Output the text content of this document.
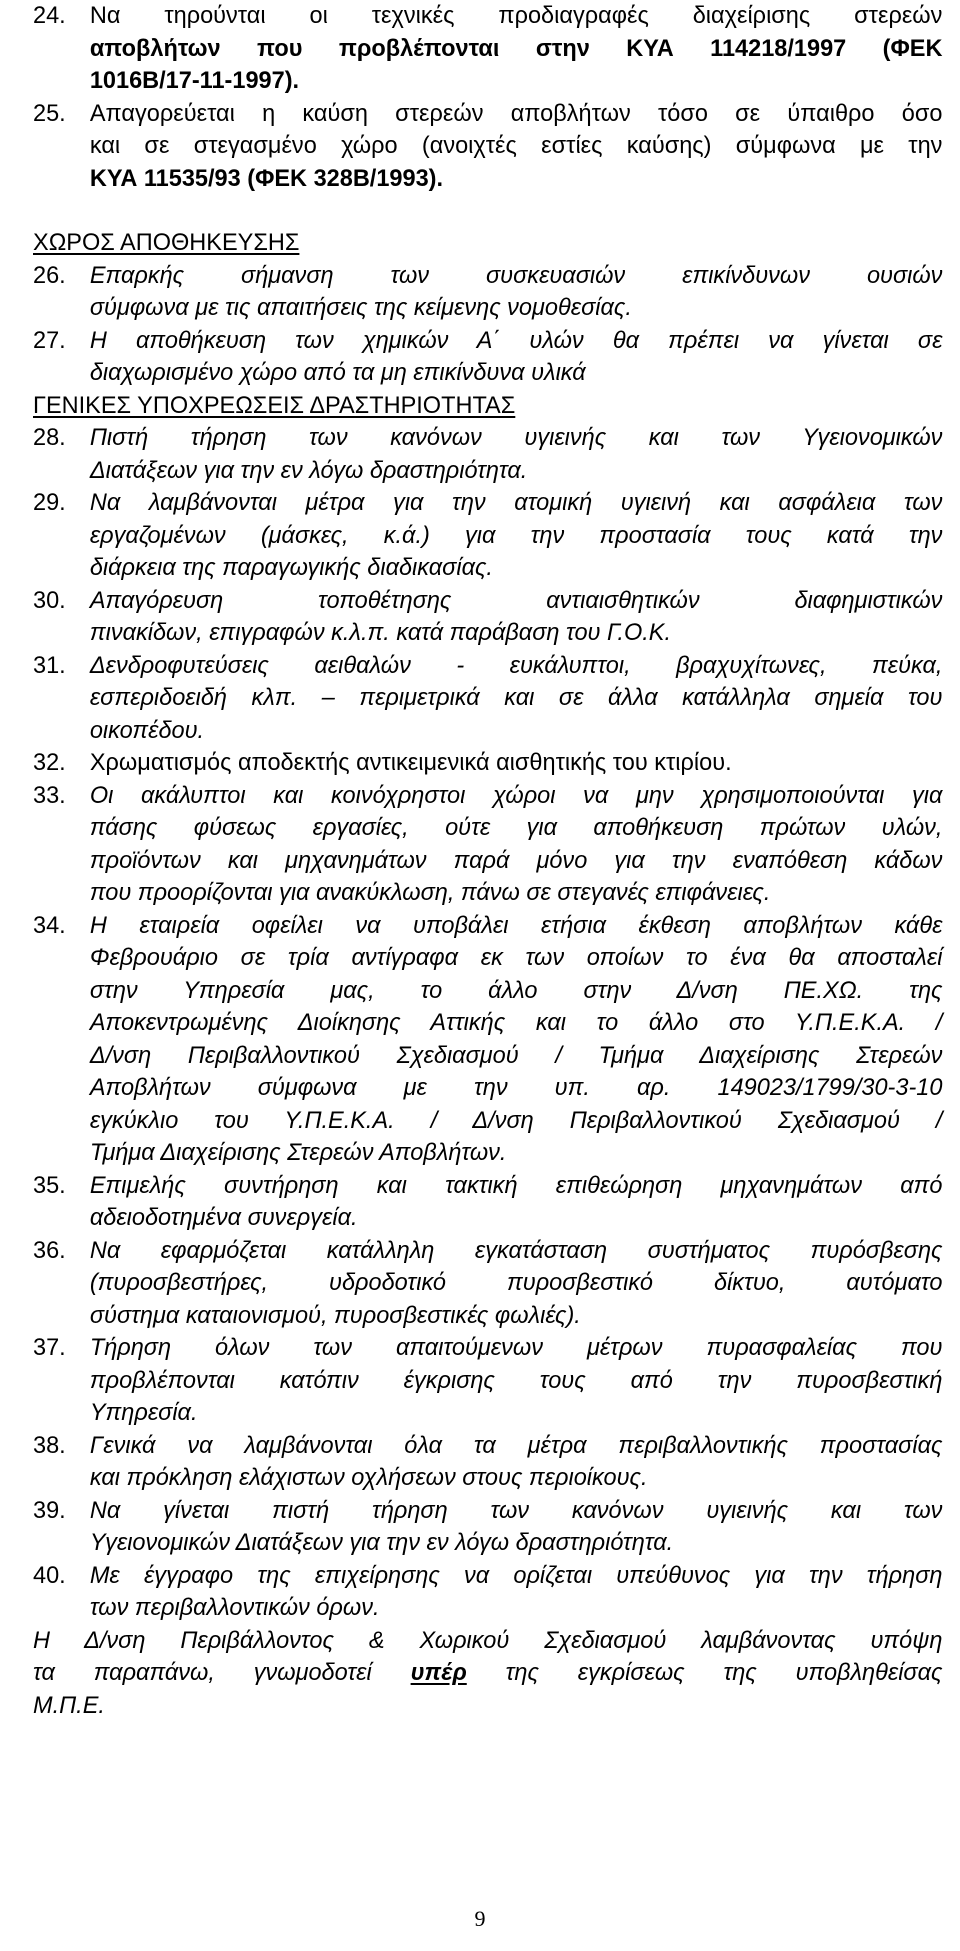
24.	Να τηρούνται οι τεχνικές προδιαγραφές διαχείρισης στερεών
αποβλήτων που προβλέπονται στην ΚΥΑ 114218/1997 (ΦΕΚ
1016Β/17-11-1997).
25.	Απαγορεύεται η καύση στερεών αποβλήτων τόσο σε ύπαιθρο όσο
και σε στεγασμένο χώρο (ανοιχτές εστίες καύσης) σύμφωνα με την
ΚΥΑ 11535/93 (ΦΕΚ 328Β/1993).
ΧΩΡΟΣ ΑΠΟΘΗΚΕΥΣΗΣ
26.	Επαρκής σήμανση των συσκευασιών επικίνδυνων ουσιών
σύμφωνα με τις απαιτήσεις της κείμενης νομοθεσίας.
27.	Η αποθήκευση των χημικών Α΄ υλών θα πρέπει να γίνεται σε
διαχωρισμένο χώρο από τα μη επικίνδυνα υλικά
ΓΕΝΙΚΕΣ ΥΠΟΧΡΕΩΣΕΙΣ ΔΡΑΣΤΗΡΙΟΤΗΤΑΣ
28.	Πιστή τήρηση των κανόνων υγιεινής και των Υγειονομικών
Διατάξεων για την εν λόγω δραστηριότητα.
29.	Να λαμβάνονται μέτρα για την ατομική υγιεινή και ασφάλεια των
εργαζομένων (μάσκες, κ.ά.) για την προστασία τους κατά την
διάρκεια της παραγωγικής διαδικασίας.
30.	Απαγόρευση τοποθέτησης αντιαισθητικών διαφημιστικών
πινακίδων, επιγραφών κ.λ.π. κατά παράβαση του Γ.Ο.Κ.
31.	Δενδροφυτεύσεις αειθαλών - ευκάλυπτοι, βραχυχίτωνες, πεύκα,
εσπεριδοειδή κλπ. – περιμετρικά και σε άλλα κατάλληλα σημεία του
οικοπέδου.
32.	Χρωματισμός αποδεκτής αντικειμενικά αισθητικής του κτιρίου.
33.	Οι ακάλυπτοι και κοινόχρηστοι χώροι να μην χρησιμοποιούνται για
πάσης φύσεως εργασίες, ούτε για αποθήκευση πρώτων υλών,
προϊόντων και μηχανημάτων παρά μόνο για την εναπόθεση κάδων
που προορίζονται για ανακύκλωση, πάνω σε στεγανές επιφάνειες.
34.	Η εταιρεία οφείλει να υποβάλει ετήσια έκθεση αποβλήτων κάθε
Φεβρουάριο σε τρία αντίγραφα εκ των οποίων το ένα θα αποσταλεί
στην Υπηρεσία μας, το άλλο στην Δ/νση ΠΕ.ΧΩ. της
Αποκεντρωμένης Διοίκησης Αττικής και το άλλο στο Υ.Π.Ε.Κ.Α. /
Δ/νση Περιβαλλοντικού Σχεδιασμού / Τμήμα Διαχείρισης Στερεών
Αποβλήτων σύμφωνα με την υπ. αρ. 149023/1799/30-3-10
εγκύκλιο του Υ.Π.Ε.Κ.Α. / Δ/νση Περιβαλλοντικού Σχεδιασμού /
Τμήμα Διαχείρισης Στερεών Αποβλήτων.
35.	Επιμελής συντήρηση και τακτική επιθεώρηση μηχανημάτων από
αδειοδοτημένα συνεργεία.
36.	Να εφαρμόζεται κατάλληλη εγκατάσταση συστήματος πυρόσβεσης
(πυροσβεστήρες, υδροδοτικό πυροσβεστικό δίκτυο, αυτόματο
σύστημα καταιονισμού, πυροσβεστικές φωλιές).
37.	Τήρηση όλων των απαιτούμενων μέτρων πυρασφαλείας που
προβλέπονται κατόπιν έγκρισης τους από την πυροσβεστική
Υπηρεσία.
38.	Γενικά να λαμβάνονται όλα τα μέτρα περιβαλλοντικής προστασίας
και πρόκληση ελάχιστων οχλήσεων στους περιοίκους.
39.	Να γίνεται πιστή τήρηση των κανόνων υγιεινής και των
Υγειονομικών Διατάξεων για την εν λόγω δραστηριότητα.
40.	Με έγγραφο της επιχείρησης να ορίζεται υπεύθυνος για την τήρηση
των περιβαλλοντικών όρων.
Η Δ/νση Περιβάλλοντος & Χωρικού Σχεδιασμού λαμβάνοντας υπόψη
τα παραπάνω, γνωμοδοτεί υπέρ της εγκρίσεως της υποβληθείσας
Μ.Π.Ε.
9
